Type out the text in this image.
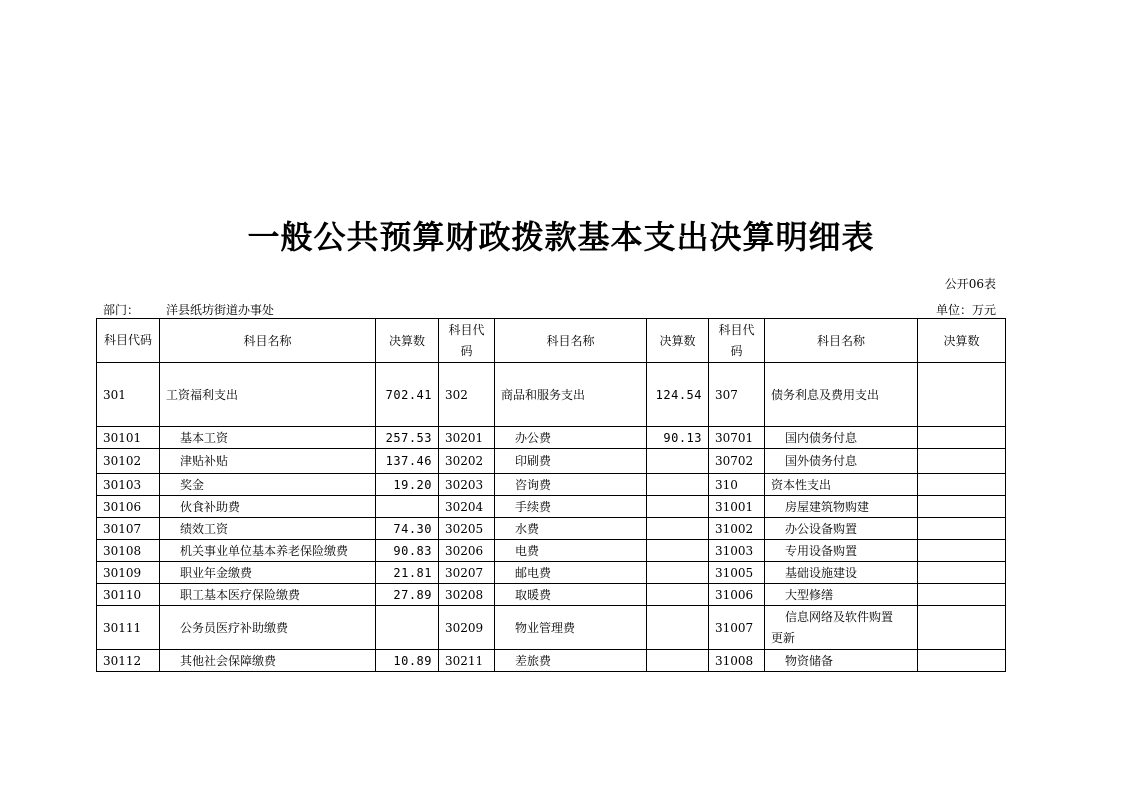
一般公共预算财政拨款基本支出决算明细表
公开06表
部门： 洋县纸坊街道办事处	单位：万元
科目代码	科目名称	决算数	科目代码	科目名称	决算数	科目代码	科目名称	决算数
301	工资福利支出	702.41	302	商品和服务支出	124.54	307	债务利息及费用支出	
30101	基本工资	257.53	30201	办公费	90.13	30701	国内债务付息	
30102	津贴补贴	137.46	30202	印刷费		30702	国外债务付息	
30103	奖金	19.20	30203	咨询费		310	资本性支出	
30106	伙食补助费		30204	手续费		31001	房屋建筑物购建	
30107	绩效工资	74.30	30205	水费		31002	办公设备购置	
30108	机关事业单位基本养老保险缴费	90.83	30206	电费		31003	专用设备购置	
30109	职业年金缴费	21.81	30207	邮电费		31005	基础设施建设	
30110	职工基本医疗保险缴费	27.89	30208	取暖费		31006	大型修缮	
30111	公务员医疗补助缴费		30209	物业管理费		31007	信息网络及软件购置
更新	

30112	其他社会保障缴费	10.89	30211	差旅费		31008	物资储备	
